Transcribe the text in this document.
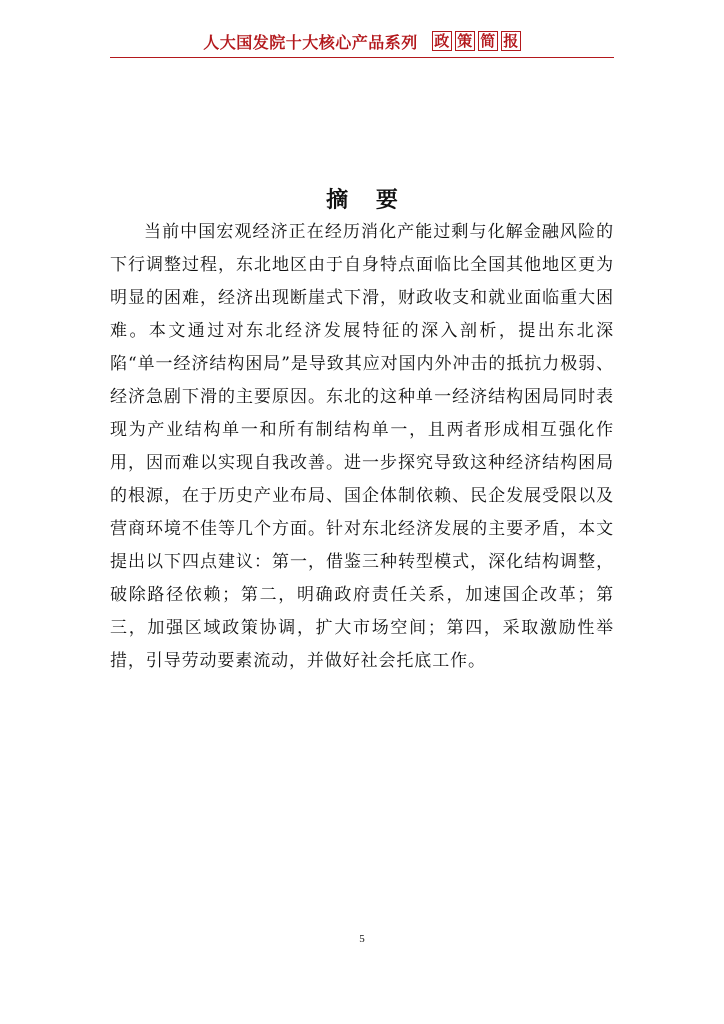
人大国发院十大核心产品系列 政 策 简 报
摘 要

当前中国宏观经济正在经历消化产能过剩与化解金融风险的下行调整过程，东北地区由于自身特点面临比全国其他地区更为明显的困难，经济出现断崖式下滑，财政收支和就业面临重大困难。本文通过对东北经济发展特征的深入剖析，提出东北深陷“单一经济结构困局”是导致其应对国内外冲击的抵抗力极弱、经济急剧下滑的主要原因。东北的这种单一经济结构困局同时表现为产业结构单一和所有制结构单一，且两者形成相互强化作用，因而难以实现自我改善。进一步探究导致这种经济结构困局的根源，在于历史产业布局、国企体制依赖、民企发展受限以及营商环境不佳等几个方面。针对东北经济发展的主要矛盾，本文提出以下四点建议：第一，借鉴三种转型模式，深化结构调整，破除路径依赖；第二，明确政府责任关系，加速国企改革；第三，加强区域政策协调，扩大市场空间；第四，采取激励性举措，引导劳动要素流动，并做好社会托底工作。

5
